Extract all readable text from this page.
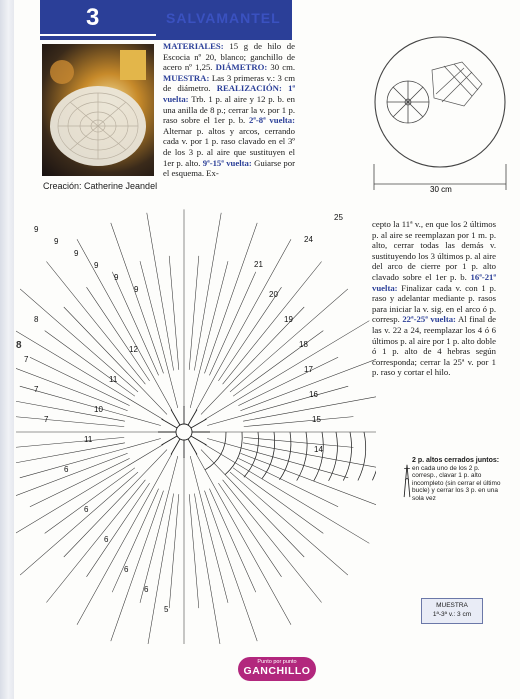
8
3	SALVAMANTEL
Creación: Catherine Jeandel
MATERIALES: 15 g de hilo de Escocia nº 20, blanco; ganchillo de acero nº 1,25. DIÁMETRO: 30 cm. MUESTRA: Las 3 primeras v.: 3 cm de diámetro. REALIZACIÓN: 1ª vuelta: Trb. 1 p. al aire y 12 p. b. en una anilla de 8 p.; cerrar la v. por 1 p. raso sobre el 1er p. b. 2ª-8ª vuelta: Alternar p. altos y arcos, cerrando cada v. por 1 p. raso clavado en el 3º de los 3 p. al aire que sustituyen el 1er p. alto. 9ª-15ª vuelta: Guiarse por el esquema. Ex-
30 cm
9
9
9
9
9
9
8
7
7
7
6
6
6
6
6
5
25
24
21
20
19
18
17
16
15
14
12
11
10
11
cepto la 11ª v., en que los 2 últimos p. al aire se reemplazan por 1 m. p. alto, cerrar todas las demás v. sustituyendo los 3 últimos p. al aire del arco de cierre por 1 p. alto clavado sobre el 1er p. b. 16ª-21ª vuelta: Finalizar cada v. con 1 p. raso y adelantar mediante p. rasos para iniciar la v. sig. en el arco ó p. corresp. 22ª-25ª vuelta: Al final de las v. 22 a 24, reemplazar los 4 ó 6 últimos p. al aire por 1 p. alto doble ó 1 p. alto de 4 hebras según corresponda; cerrar la 25ª v. por 1 p. raso y cortar el hilo.
2 p. altos cerrados juntos:
en cada uno de los 2 p. corresp., clavar 1 p. alto incompleto (sin cerrar el último bucle) y cerrar los 3 p. en una sola vez
MUESTRA
1ª-3ª v.: 3 cm
Punto por punto
GANCHILLO
